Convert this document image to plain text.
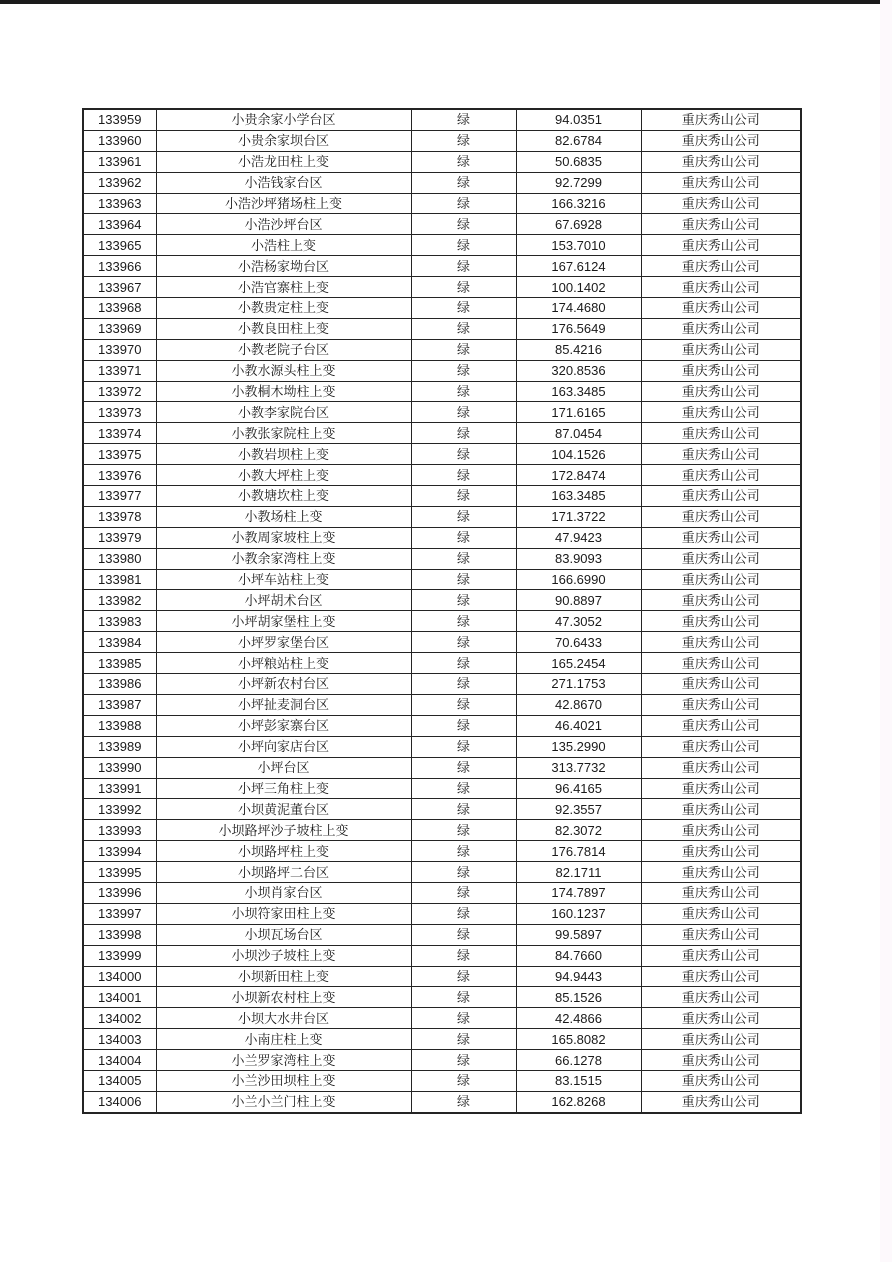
133959	小贵余家小学台区	绿	94.0351	重庆秀山公司
133960	小贵余家坝台区	绿	82.6784	重庆秀山公司
133961	小浩龙田柱上变	绿	50.6835	重庆秀山公司
133962	小浩钱家台区	绿	92.7299	重庆秀山公司
133963	小浩沙坪猪场柱上变	绿	166.3216	重庆秀山公司
133964	小浩沙坪台区	绿	67.6928	重庆秀山公司
133965	小浩柱上变	绿	153.7010	重庆秀山公司
133966	小浩杨家坳台区	绿	167.6124	重庆秀山公司
133967	小浩官寨柱上变	绿	100.1402	重庆秀山公司
133968	小教贵定柱上变	绿	174.4680	重庆秀山公司
133969	小教良田柱上变	绿	176.5649	重庆秀山公司
133970	小教老院子台区	绿	85.4216	重庆秀山公司
133971	小教水源头柱上变	绿	320.8536	重庆秀山公司
133972	小教桐木坳柱上变	绿	163.3485	重庆秀山公司
133973	小教李家院台区	绿	171.6165	重庆秀山公司
133974	小教张家院柱上变	绿	87.0454	重庆秀山公司
133975	小教岩坝柱上变	绿	104.1526	重庆秀山公司
133976	小教大坪柱上变	绿	172.8474	重庆秀山公司
133977	小教塘坎柱上变	绿	163.3485	重庆秀山公司
133978	小教场柱上变	绿	171.3722	重庆秀山公司
133979	小教周家坡柱上变	绿	47.9423	重庆秀山公司
133980	小教余家湾柱上变	绿	83.9093	重庆秀山公司
133981	小坪车站柱上变	绿	166.6990	重庆秀山公司
133982	小坪胡术台区	绿	90.8897	重庆秀山公司
133983	小坪胡家堡柱上变	绿	47.3052	重庆秀山公司
133984	小坪罗家堡台区	绿	70.6433	重庆秀山公司
133985	小坪粮站柱上变	绿	165.2454	重庆秀山公司
133986	小坪新农村台区	绿	271.1753	重庆秀山公司
133987	小坪扯麦洞台区	绿	42.8670	重庆秀山公司
133988	小坪彭家寨台区	绿	46.4021	重庆秀山公司
133989	小坪向家店台区	绿	135.2990	重庆秀山公司
133990	小坪台区	绿	313.7732	重庆秀山公司
133991	小坪三角柱上变	绿	96.4165	重庆秀山公司
133992	小坝黄泥董台区	绿	92.3557	重庆秀山公司
133993	小坝路坪沙子坡柱上变	绿	82.3072	重庆秀山公司
133994	小坝路坪柱上变	绿	176.7814	重庆秀山公司
133995	小坝路坪二台区	绿	82.1711	重庆秀山公司
133996	小坝肖家台区	绿	174.7897	重庆秀山公司
133997	小坝符家田柱上变	绿	160.1237	重庆秀山公司
133998	小坝瓦场台区	绿	99.5897	重庆秀山公司
133999	小坝沙子坡柱上变	绿	84.7660	重庆秀山公司
134000	小坝新田柱上变	绿	94.9443	重庆秀山公司
134001	小坝新农村柱上变	绿	85.1526	重庆秀山公司
134002	小坝大水井台区	绿	42.4866	重庆秀山公司
134003	小南庄柱上变	绿	165.8082	重庆秀山公司
134004	小兰罗家湾柱上变	绿	66.1278	重庆秀山公司
134005	小兰沙田坝柱上变	绿	83.1515	重庆秀山公司
134006	小兰小兰门柱上变	绿	162.8268	重庆秀山公司
